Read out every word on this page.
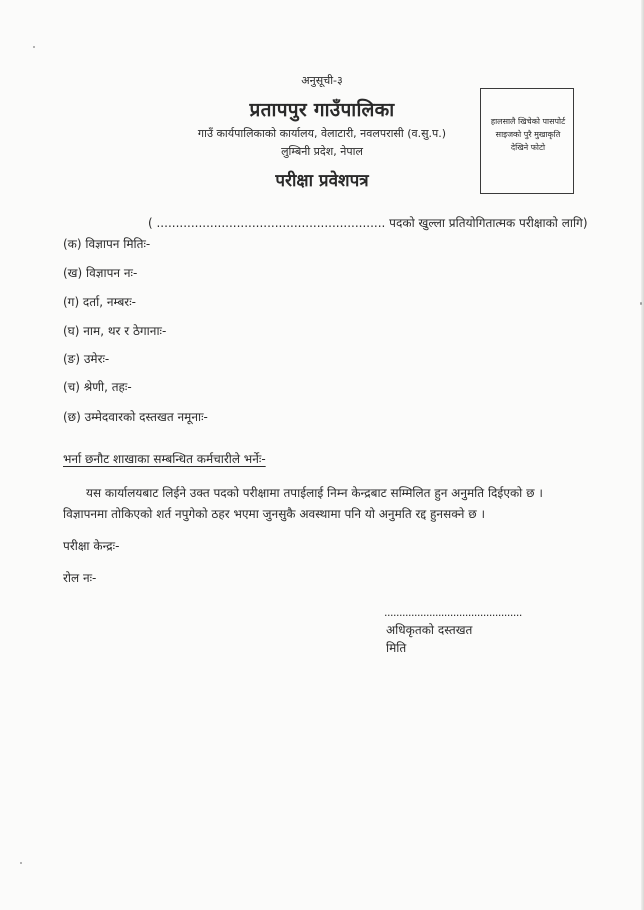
अनुसूची-३
प्रतापपुर गाउँपालिका
गाउँ कार्यपालिकाको कार्यालय, वेलाटारी, नवलपरासी (व.सु.प.)
लुम्बिनी प्रदेश, नेपाल
परीक्षा प्रवेशपत्र
हालसालै खिचेको पासपोर्ट साइजको पुरै मुखाकृति देखिने फोटो
( ............................................................ पदको खुल्ला प्रतियोगितात्मक परीक्षाको लागि)
(क) विज्ञापन मितिः-
(ख) विज्ञापन नः-
(ग) दर्ता, नम्बरः-
(घ) नाम, थर र ठेगानाः-
(ङ) उमेरः-
(च) श्रेणी, तहः-
(छ) उम्मेदवारको दस्तखत नमूनाः-
भर्ना छनौट शाखाका सम्बन्धित कर्मचारीले भर्नेः-
यस कार्यालयबाट लिईने उक्त पदको परीक्षामा तपाईलाई निम्न केन्द्रबाट सम्मिलित हुन अनुमति दिईएको छ ।
विज्ञापनमा तोकिएको शर्त नपुगेको ठहर भएमा जुनसुकै अवस्थामा पनि यो अनुमति रद्द हुनसक्ने छ ।
परीक्षा केन्द्रः-
रोल नः-
..............................................
अधिकृतको दस्तखत
मिति
